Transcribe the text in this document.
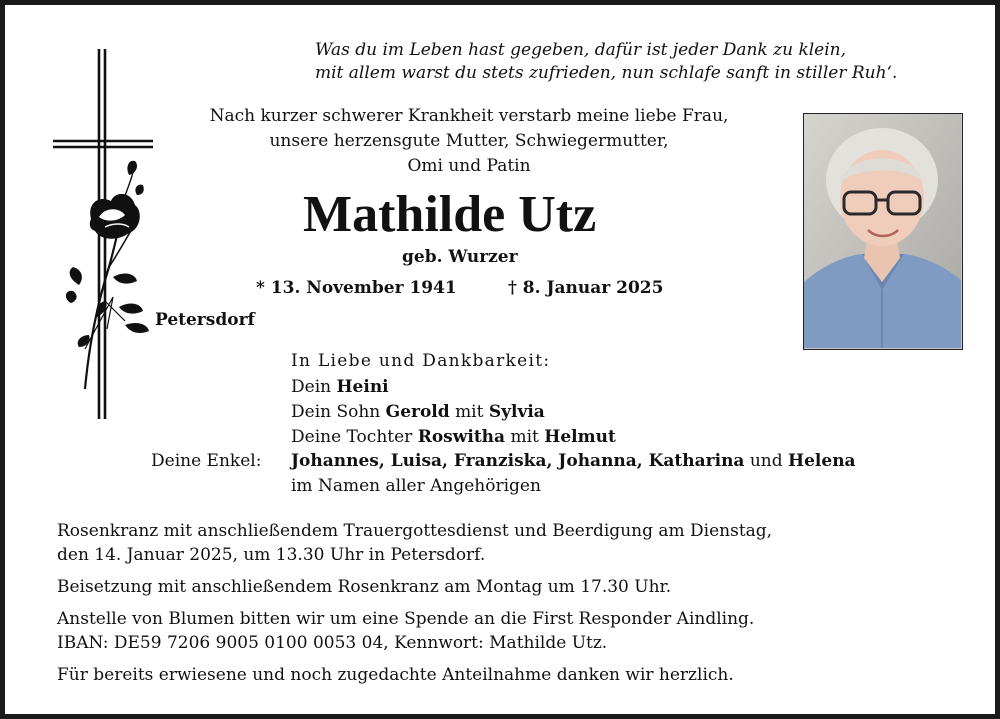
Was du im Leben hast gegeben, dafür ist jeder Dank zu klein,
mit allem warst du stets zufrieden, nun schlafe sanft in stiller Ruh‘.
Nach kurzer schwerer Krankheit verstarb meine liebe Frau,
unsere herzensgute Mutter, Schwiegermutter,
Omi und Patin
Mathilde Utz
geb. Wurzer
* 13. November 1941	† 8. Januar 2025
Petersdorf
In Liebe und Dankbarkeit:
Dein Heini
Dein Sohn Gerold mit Sylvia
Deine Tochter Roswitha mit Helmut
Deine Enkel: Johannes, Luisa, Franziska, Johanna, Katharina und Helena
im Namen aller Angehörigen
Rosenkranz mit anschließendem Trauergottesdienst und Beerdigung am Dienstag,
den 14. Januar 2025, um 13.30 Uhr in Petersdorf.
Beisetzung mit anschließendem Rosenkranz am Montag um 17.30 Uhr.
Anstelle von Blumen bitten wir um eine Spende an die First Responder Aindling.
IBAN: DE59 7206 9005 0100 0053 04, Kennwort: Mathilde Utz.
Für bereits erwiesene und noch zugedachte Anteilnahme danken wir herzlich.
